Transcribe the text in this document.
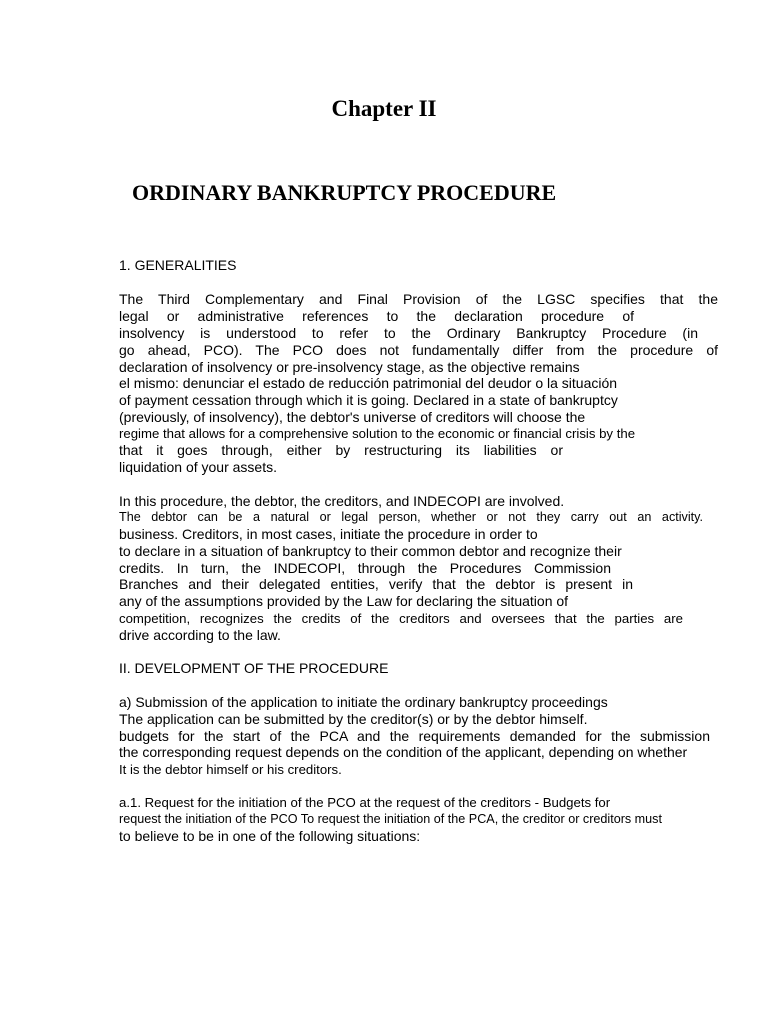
Chapter II
ORDINARY BANKRUPTCY PROCEDURE
1. GENERALITIES
The Third Complementary and Final Provision of the LGSC specifies that the
legal or administrative references to the declaration procedure of
insolvency is understood to refer to the Ordinary Bankruptcy Procedure (in
go ahead, PCO). The PCO does not fundamentally differ from the procedure of
declaration of insolvency or pre-insolvency stage, as the objective remains
el mismo: denunciar el estado de reducción patrimonial del deudor o la situación
of payment cessation through which it is going. Declared in a state of bankruptcy
(previously, of insolvency), the debtor's universe of creditors will choose the
regime that allows for a comprehensive solution to the economic or financial crisis by the
that it goes through, either by restructuring its liabilities or
liquidation of your assets.
In this procedure, the debtor, the creditors, and INDECOPI are involved.
The debtor can be a natural or legal person, whether or not they carry out an activity.
business. Creditors, in most cases, initiate the procedure in order to
to declare in a situation of bankruptcy to their common debtor and recognize their
credits. In turn, the INDECOPI, through the Procedures Commission
Branches and their delegated entities, verify that the debtor is present in
any of the assumptions provided by the Law for declaring the situation of
competition, recognizes the credits of the creditors and oversees that the parties are
drive according to the law.
II. DEVELOPMENT OF THE PROCEDURE
a) Submission of the application to initiate the ordinary bankruptcy proceedings
The application can be submitted by the creditor(s) or by the debtor himself.
budgets for the start of the PCA and the requirements demanded for the submission
the corresponding request depends on the condition of the applicant, depending on whether
It is the debtor himself or his creditors.
a.1. Request for the initiation of the PCO at the request of the creditors - Budgets for
request the initiation of the PCO To request the initiation of the PCA, the creditor or creditors must
to believe to be in one of the following situations:
